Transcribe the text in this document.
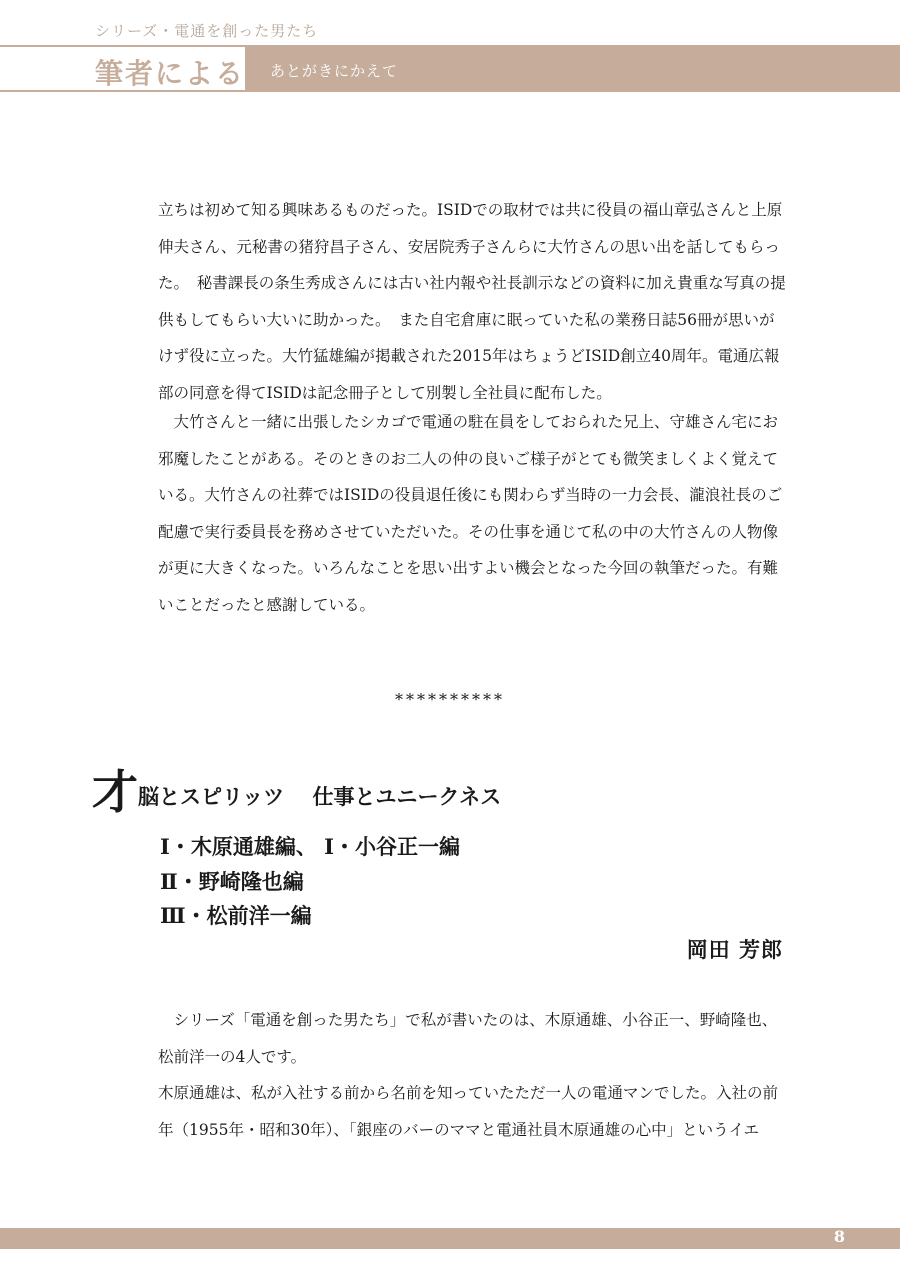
シリーズ・電通を創った男たち
筆者による あとがきにかえて

立ちは初めて知る興味あるものだった。ISIDでの取材では共に役員の福山章弘さんと上原伸夫さん、元秘書の猪狩昌子さん、安居院秀子さんらに大竹さんの思い出を話してもらった。　秘書課長の条生秀成さんには古い社内報や社長訓示などの資料に加え貴重な写真の提供もしてもらい大いに助かった。　また自宅倉庫に眠っていた私の業務日誌56冊が思いがけず役に立った。大竹猛雄編が掲載された2015年はちょうどISID創立40周年。電通広報部の同意を得てISIDは記念冊子として別製し全社員に配布した。

大竹さんと一緒に出張したシカゴで電通の駐在員をしておられた兄上、守雄さん宅にお邪魔したことがある。そのときのお二人の仲の良いご様子がとても微笑ましくよく覚えている。大竹さんの社葬ではISIDの役員退任後にも関わらず当時の一力会長、瀧浪社長のご配慮で実行委員長を務めさせていただいた。その仕事を通じて私の中の大竹さんの人物像が更に大きくなった。いろんなことを思い出すよい機会となった今回の執筆だった。有難いことだったと感謝している。

**********
才脳とスピリッツ　 仕事とユニークネス
Ⅰ・木原通雄編、 Ⅰ・小谷正一編
Ⅱ・野崎隆也編
Ⅲ・松前洋一編
岡田 芳郎
シリーズ「電通を創った男たち」で私が書いたのは、木原通雄、小谷正一、野崎隆也、松前洋一の4人です。
木原通雄は、私が入社する前から名前を知っていたただ一人の電通マンでした。入社の前年（1955年・昭和30年）、「銀座のバーのママと電通社員木原通雄の心中」というイエ
8
